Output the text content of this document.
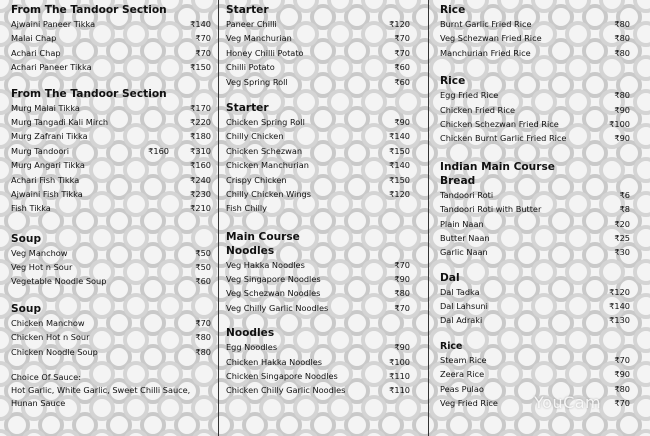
From The Tandoor Section
Ajwaini Paneer Tikka	₹140
Malai Chap	₹70
Achari Chap	₹70
Achari Paneer Tikka	₹150
From The Tandoor Section
Murg Malai Tikka	₹170
Murg Tangadi Kali Mirch	₹220
Murg Zafrani Tikka	₹180
Murg Tandoori	₹160	₹310
Murg Angari Tikka	₹160
Achari Fish Tikka	₹240
Ajwaini Fish Tikka	₹230
Fish Tikka	₹210
Soup
Veg Manchow	₹50
Veg Hot n Sour	₹50
Vegetable Noodle Soup	₹60
Soup
Chicken Manchow	₹70
Chicken Hot n Sour	₹80
Chicken Noodle Soup	₹80
Choice Of Sauce:
Hot Garlic, White Garlic, Sweet Chilli Sauce,
Hunan Sauce
Starter
Paneer Chilli	₹120
Veg Manchurian	₹70
Honey Chilli Potato	₹70
Chilli Potato	₹60
Veg Spring Roll	₹60
Starter
Chicken Spring Roll	₹90
Chilly Chicken	₹140
Chicken Schezwan	₹150
Chicken Manchurian	₹140
Crispy Chicken	₹150
Chilly Chicken Wings	₹120
Fish Chilly
Main Course
Noodles
Veg Hakka Noodles	₹70
Veg Singapore Noodles	₹90
Veg Schezwan Noodles	₹80
Veg Chilly Garlic Noodles	₹70
Noodles
Egg Noodles	₹90
Chicken Hakka Noodles	₹100
Chicken Singapore Noodles	₹110
Chicken Chilly Garlic Noodles	₹110
Rice
Burnt Garlic Fried Rice	₹80
Veg Schezwan Fried Rice	₹80
Manchurian Fried Rice	₹80
Rice
Egg Fried Rice	₹80
Chicken Fried Rice	₹90
Chicken Schezwan Fried Rice	₹100
Chicken Burnt Garlic Fried Rice	₹90
Indian Main Course
Bread
Tandoori Roti	₹6
Tandoori Roti with Butter	₹8
Plain Naan	₹20
Butter Naan	₹25
Garlic Naan	₹30
Dal
Dal Tadka	₹120
Dal Lahsuni	₹140
Dal Adraki	₹130
Rice
Steam Rice	₹70
Zeera Rice	₹90
Peas Pulao	₹80
Veg Fried Rice	₹70
YouCam
